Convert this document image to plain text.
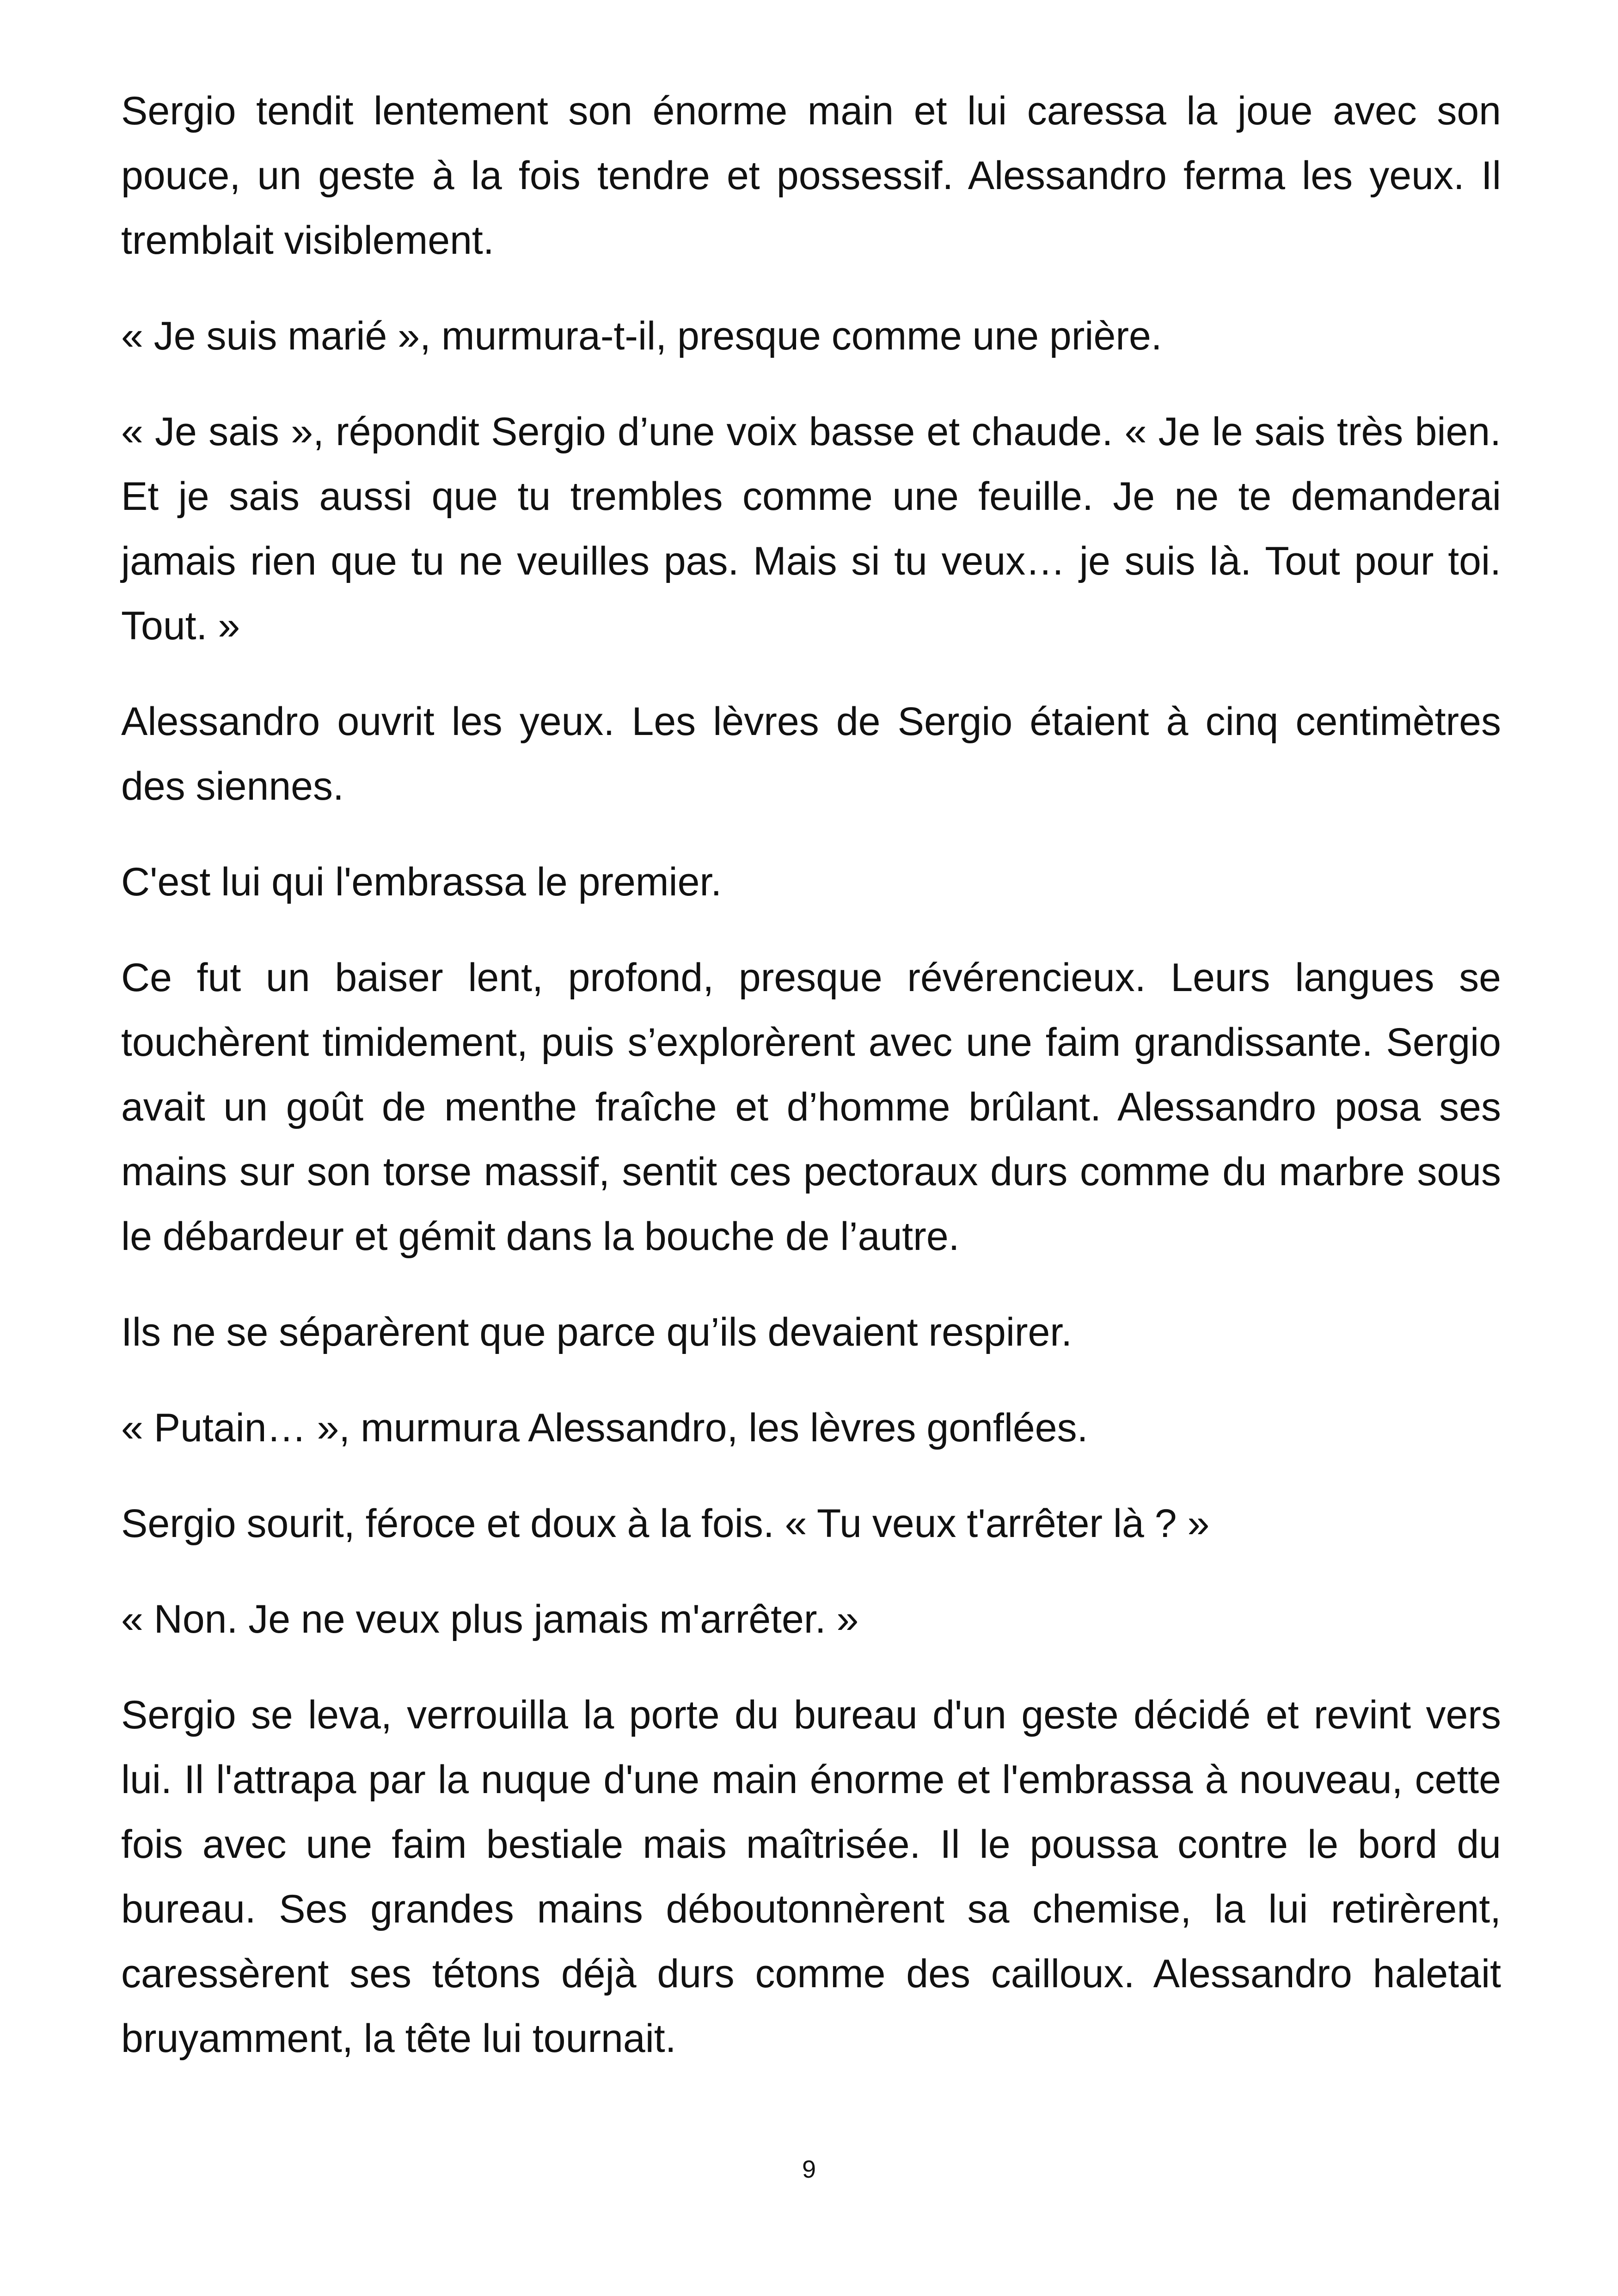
Sergio tendit lentement son énorme main et lui caressa la joue avec son pouce, un geste à la fois tendre et possessif. Alessandro ferma les yeux. Il tremblait visiblement.

« Je suis marié », murmura-t-il, presque comme une prière.

« Je sais », répondit Sergio d’une voix basse et chaude. « Je le sais très bien. Et je sais aussi que tu trembles comme une feuille. Je ne te demanderai jamais rien que tu ne veuilles pas. Mais si tu veux… je suis là. Tout pour toi. Tout. »

Alessandro ouvrit les yeux. Les lèvres de Sergio étaient à cinq centimètres des siennes.

C'est lui qui l'embrassa le premier.

Ce fut un baiser lent, profond, presque révérencieux. Leurs langues se touchèrent timidement, puis s’explorèrent avec une faim grandissante. Sergio avait un goût de menthe fraîche et d’homme brûlant. Alessandro posa ses mains sur son torse massif, sentit ces pectoraux durs comme du marbre sous le débardeur et gémit dans la bouche de l’autre.

Ils ne se séparèrent que parce qu’ils devaient respirer.

« Putain… », murmura Alessandro, les lèvres gonflées.

Sergio sourit, féroce et doux à la fois. « Tu veux t'arrêter là ? »

« Non. Je ne veux plus jamais m'arrêter. »

Sergio se leva, verrouilla la porte du bureau d'un geste décidé et revint vers lui. Il l'attrapa par la nuque d'une main énorme et l'embrassa à nouveau, cette fois avec une faim bestiale mais maîtrisée. Il le poussa contre le bord du bureau. Ses grandes mains déboutonnèrent sa chemise, la lui retirèrent, caressèrent ses tétons déjà durs comme des cailloux. Alessandro haletait bruyamment, la tête lui tournait.

9
